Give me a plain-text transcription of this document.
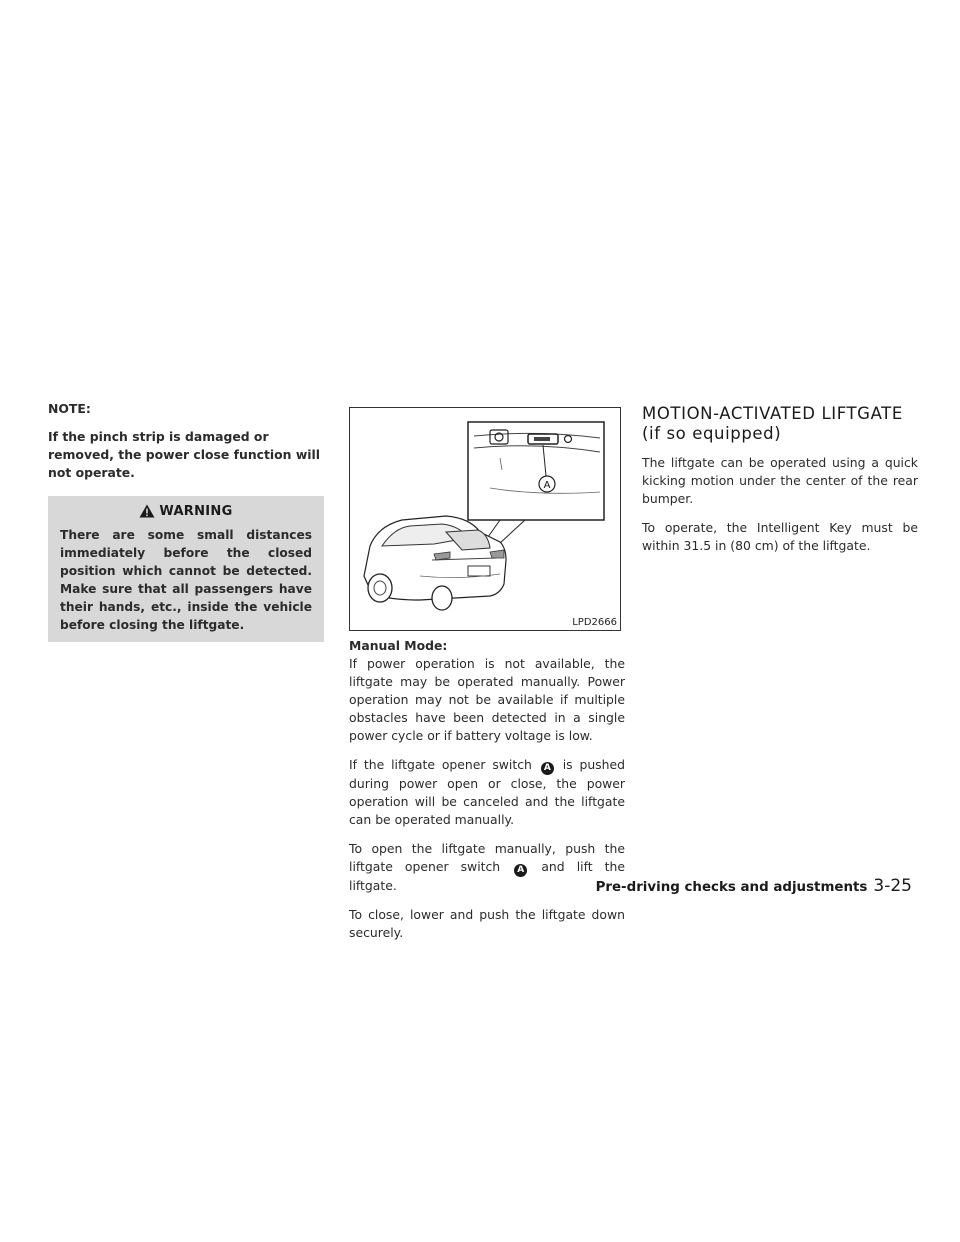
NOTE:

If the pinch strip is damaged or removed, the power close function will not operate.

WARNING

There are some small distances immediately before the closed position which cannot be detected. Make sure that all passengers have their hands, etc., inside the vehicle before closing the liftgate.

A
LPD2666

Manual Mode:

If power operation is not available, the liftgate may be operated manually. Power operation may not be available if multiple obstacles have been detected in a single power cycle or if battery voltage is low.

If the liftgate opener switch A is pushed during power open or close, the power operation will be canceled and the liftgate can be operated manually.

To open the liftgate manually, push the liftgate opener switch A and lift the liftgate.

To close, lower and push the liftgate down securely.

MOTION-ACTIVATED LIFTGATE
(if so equipped)

The liftgate can be operated using a quick kicking motion under the center of the rear bumper.

To operate, the Intelligent Key must be within 31.5 in (80 cm) of the liftgate.

Pre-driving checks and adjustments 3-25
